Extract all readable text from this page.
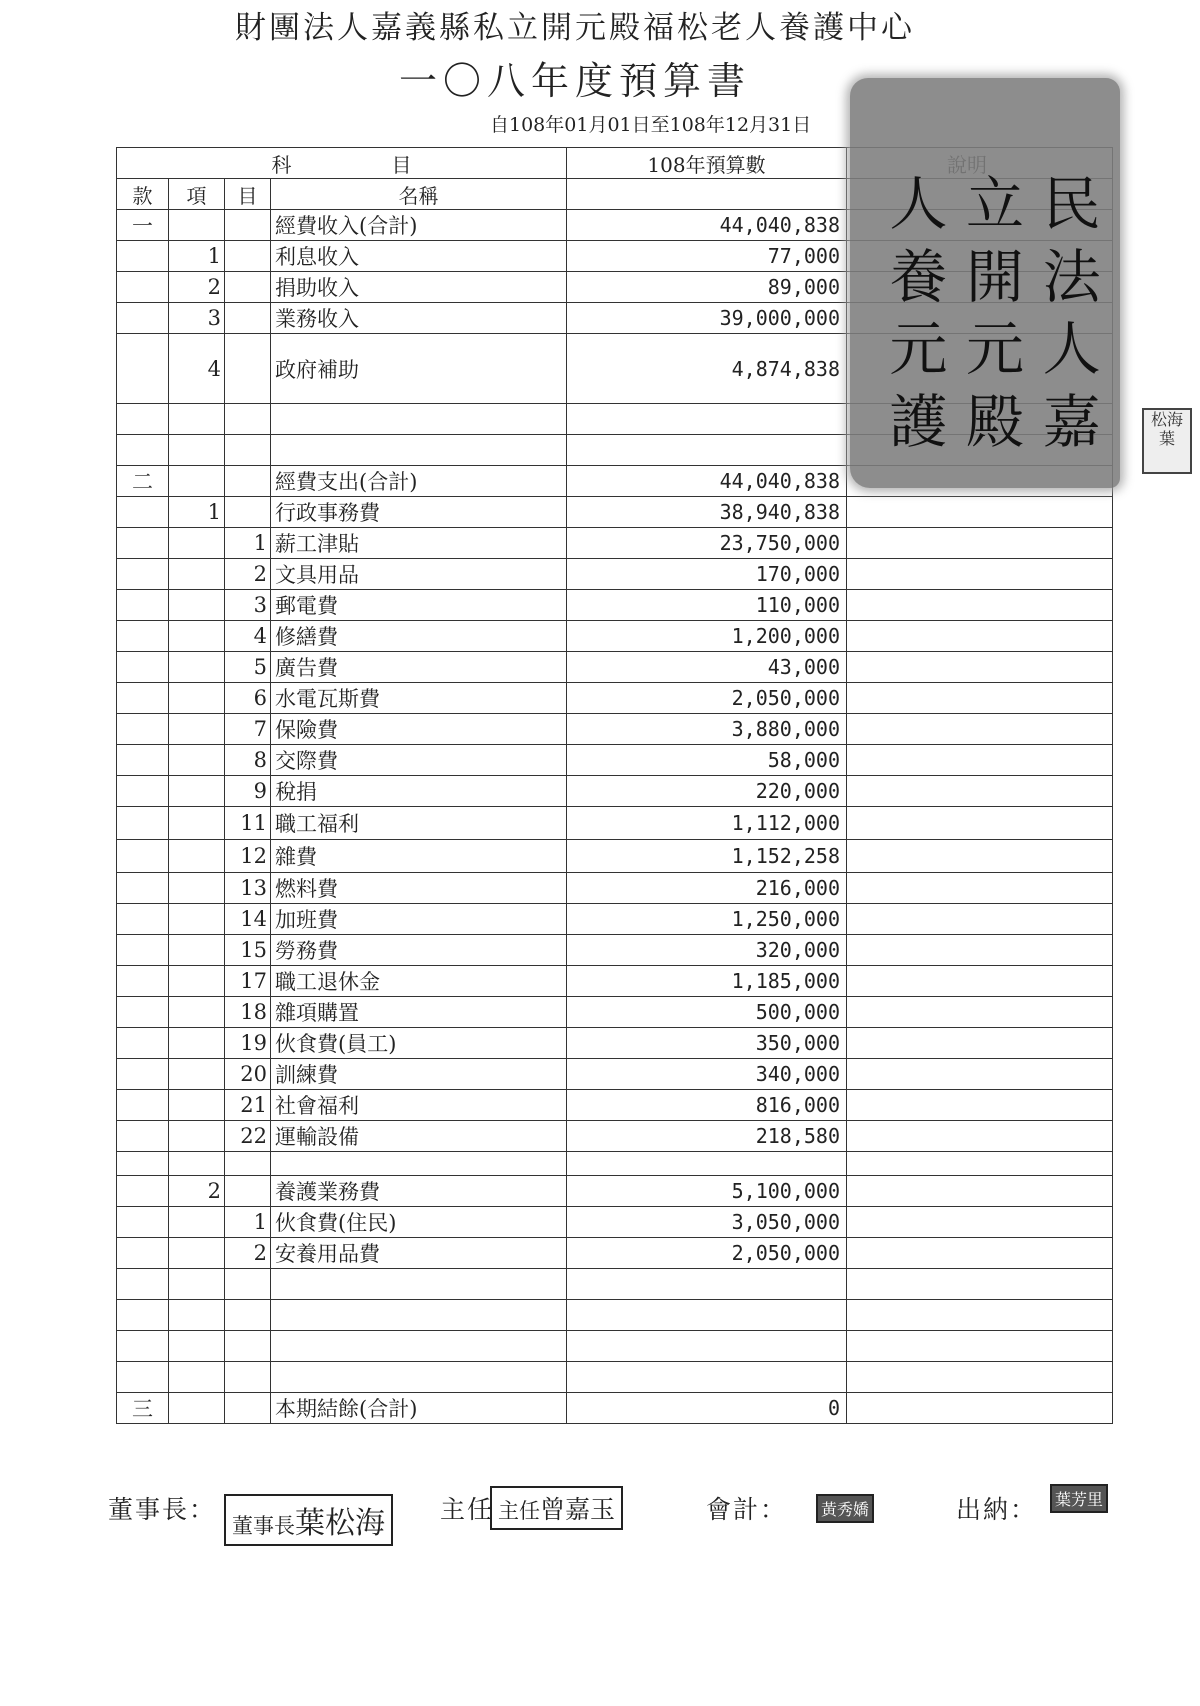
財團法人嘉義縣私立開元殿福松老人養護中心
一〇八年度預算書
自108年01月01日至108年12月31日
科　　　　　目				108年預算數	
款	項	目	名稱		
一			經費收入(合計)	44,040,838	
	1		利息收入	77,000	
	2		捐助收入	89,000	
	3		業務收入	39,000,000	
	4		政府補助	4,874,838	

二			經費支出(合計)	44,040,838	
	1		行政事務費	38,940,838	
		1	薪工津貼	23,750,000	
		2	文具用品	170,000	
		3	郵電費	110,000	
		4	修繕費	1,200,000	
		5	廣告費	43,000	
		6	水電瓦斯費	2,050,000	
		7	保險費	3,880,000	
		8	交際費	58,000	
		9	稅捐	220,000	
		11	職工福利	1,112,000	
		12	雜費	1,152,258	
		13	燃料費	216,000	
		14	加班費	1,250,000	
		15	勞務費	320,000	
		17	職工退休金	1,185,000	
		18	雜項購置	500,000	
		19	伙食費(員工)	350,000	
		20	訓練費	340,000	
		21	社會福利	816,000	
		22	運輸設備	218,580	

	2		養護業務費	5,100,000	
		1	伙食費(住民)	3,050,000	
		2	安養用品費	2,050,000	

三			本期結餘(合計)	0	
人 立 民
養 開 法
元 元 人
護 殿 嘉	松海
葉
董事長：
董事長葉松海	主任 主任曾嘉玉	會計：	黃秀嬌	出納：	葉芳里
